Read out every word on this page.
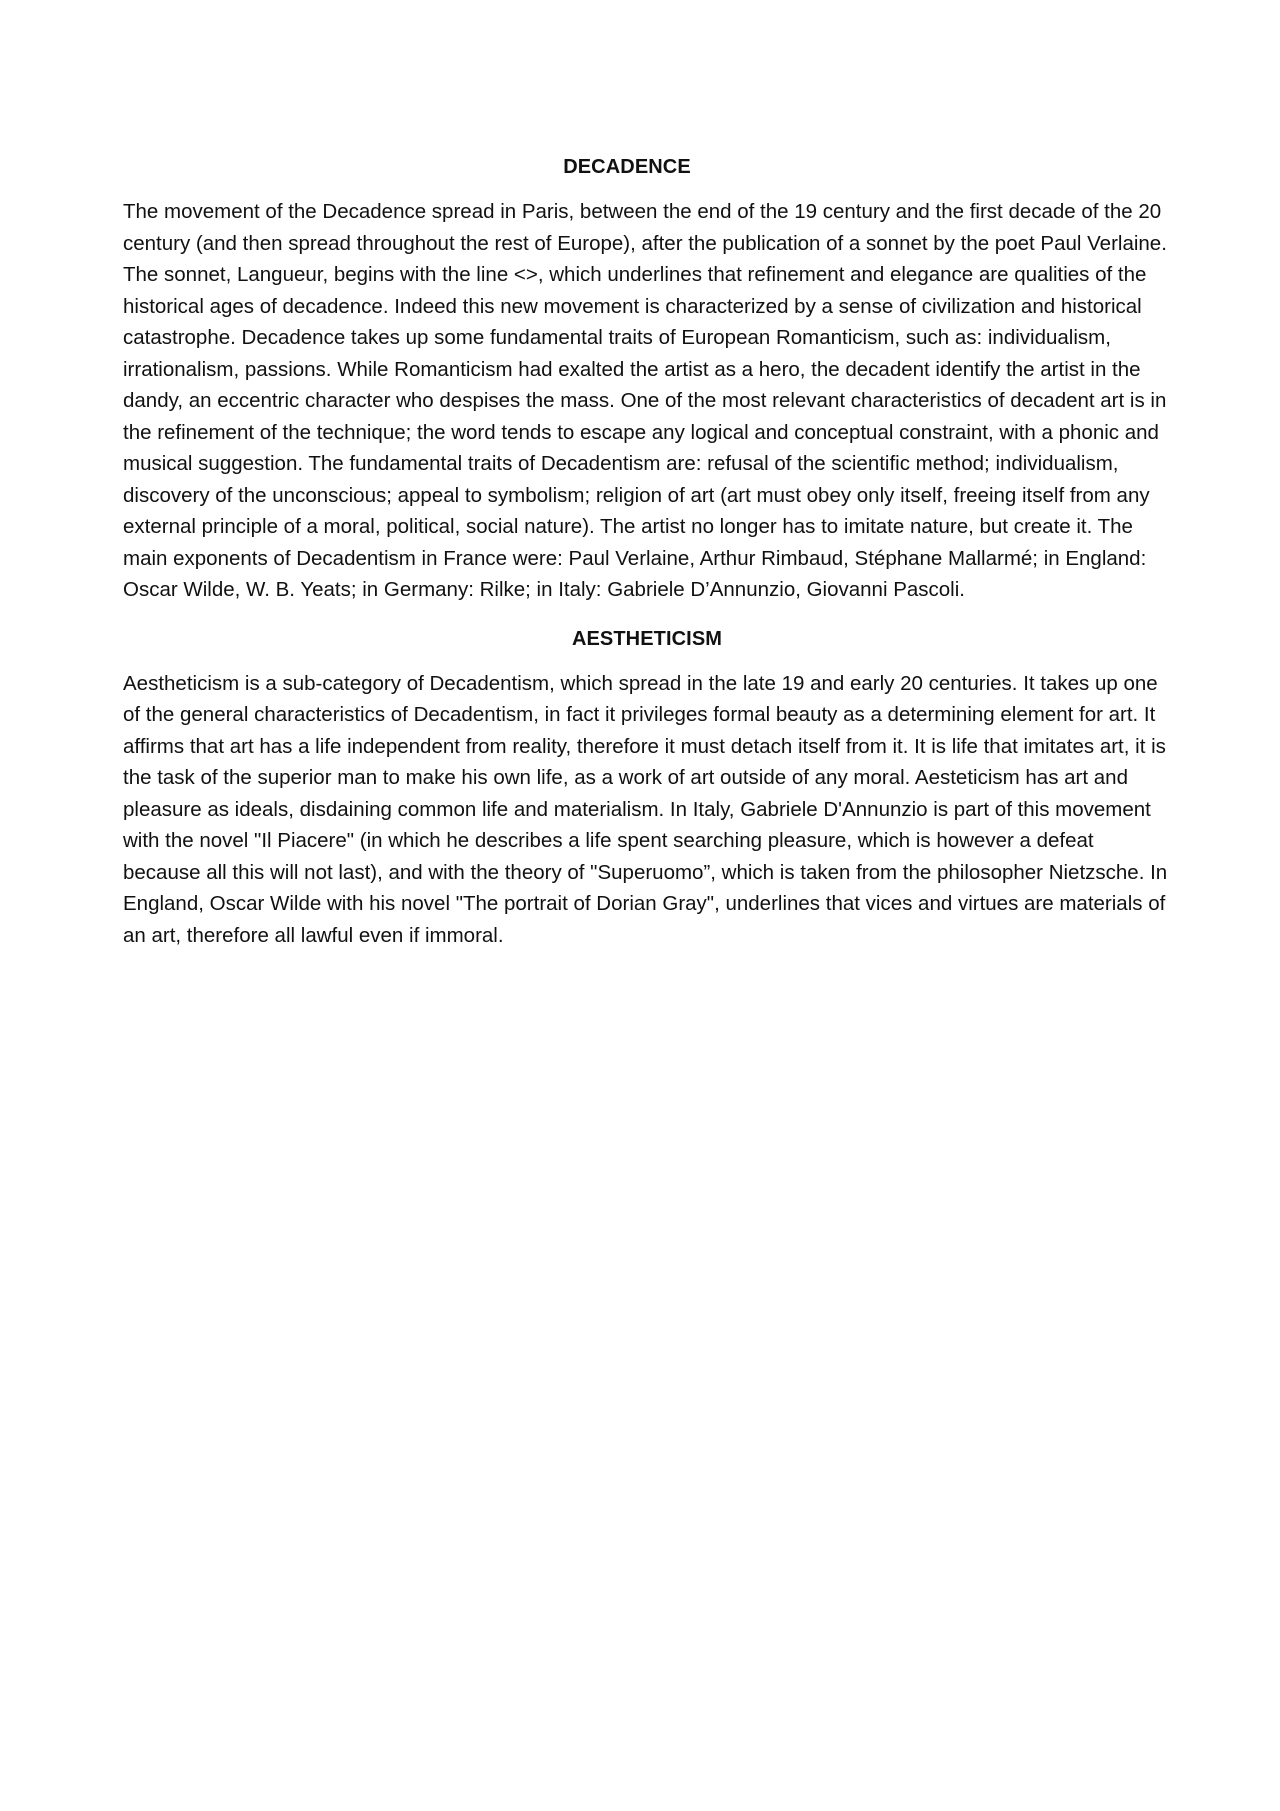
DECADENCE

The movement of the Decadence spread in Paris, between the end of the 19 century and the first decade of the 20 century (and then spread throughout the rest of Europe), after the publication of a sonnet by the poet Paul Verlaine. The sonnet, Langueur, begins with the line <>, which underlines that refinement and elegance are qualities of the historical ages of decadence. Indeed this new movement is characterized by a sense of civilization and historical catastrophe. Decadence takes up some fundamental traits of European Romanticism, such as: individualism, irrationalism, passions. While Romanticism had exalted the artist as a hero, the decadent identify the artist in the dandy, an eccentric character who despises the mass. One of the most relevant characteristics of decadent art is in the refinement of the technique; the word tends to escape any logical and conceptual constraint, with a phonic and musical suggestion. The fundamental traits of Decadentism are: refusal of the scientific method; individualism, discovery of the unconscious; appeal to symbolism; religion of art (art must obey only itself, freeing itself from any external principle of a moral, political, social nature). The artist no longer has to imitate nature, but create it. The main exponents of Decadentism in France were: Paul Verlaine, Arthur Rimbaud, Stéphane Mallarmé; in England: Oscar Wilde, W. B. Yeats; in Germany: Rilke; in Italy: Gabriele D’Annunzio, Giovanni Pascoli.

AESTHETICISM

Aestheticism is a sub-category of Decadentism, which spread in the late 19 and early 20 centuries. It takes up one of the general characteristics of Decadentism, in fact it privileges formal beauty as a determining element for art. It affirms that art has a life independent from reality, therefore it must detach itself from it. It is life that imitates art, it is the task of the superior man to make his own life, as a work of art outside of any moral. Aesteticism has art and pleasure as ideals, disdaining common life and materialism. In Italy, Gabriele D'Annunzio is part of this movement with the novel "Il Piacere" (in which he describes a life spent searching pleasure, which is however a defeat because all this will not last), and with the theory of "Superuomo”, which is taken from the philosopher Nietzsche. In England, Oscar Wilde with his novel "The portrait of Dorian Gray", underlines that vices and virtues are materials of an art, therefore all lawful even if immoral.
